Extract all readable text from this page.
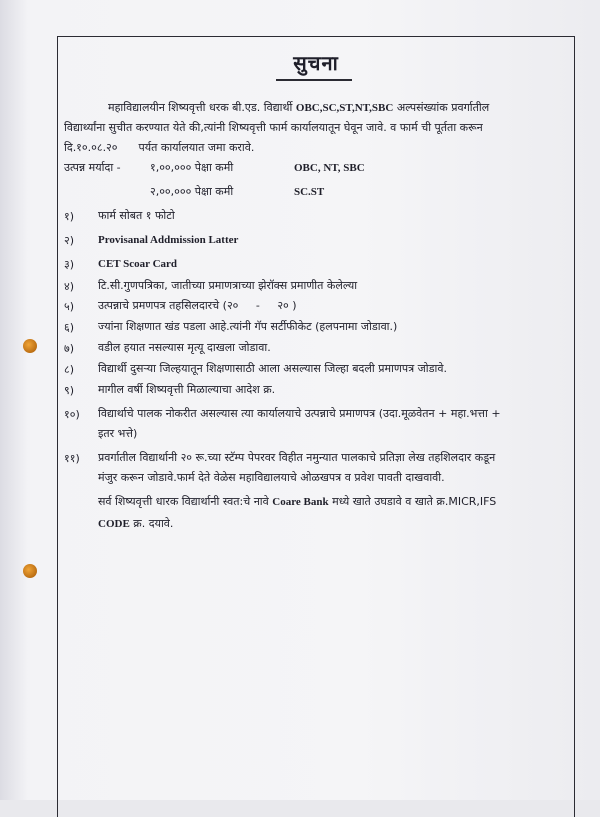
सुचना
महाविद्यालयीन शिष्यवृत्ती धरक बी.एड. विद्यार्थी OBC,SC,ST,NT,SBC अल्पसंख्यांक प्रवर्गातील
विद्यार्थ्यांना सुचीत करण्यात येते की,त्यांनी शिष्यवृत्ती फार्म कार्यालयातून घेवून जावे. व फार्म ची पूर्तता करून
दि.१०.०८.२० पर्यत कार्यालयात जमा करावे.
उत्पन्न मर्यादा -	१,००,००० पेक्षा कमी	OBC, NT, SBC
२,००,००० पेक्षा कमी	SC.ST
१) फार्म सोबत १ फोटो
२) Provisanal Addmission Latter
३) CET Scoar Card
४) टि.सी.गुणपत्रिका, जातीच्या प्रमाणत्राच्या झेरॉक्स प्रमाणीत केलेल्या
५) उत्पन्नाचे प्रमणपत्र तहसिलदारचे (२०     -     २० )
६) ज्यांना शिक्षणात खंड पडला आहे.त्यांनी गॅप सर्टीफीकेट (हलपनामा जोडावा.)
७) वडील हयात नसल्यास मृत्यू दाखला जोडावा.
८) विद्यार्थी दुसऱ्या जिल्हयातून शिक्षणासाठी आला असल्यास जिल्हा बदली प्रमाणपत्र जोडावे.
९) मागील वर्षी शिष्यवृत्ती मिळाल्याचा आदेश क्र.
१०) विद्यार्थाचे पालक नोकरीत असल्यास त्या कार्यालयाचे उत्पन्नाचे प्रमाणपत्र (उदा.मूळवेतन + महा.भत्ता +
इतर भत्ते)
११) प्रवर्गातील विद्यार्थानी २० रू.च्या स्टॅम्प पेपरवर विहीत नमुन्यात पालकाचे प्रतिज्ञा लेख तहशिलदार कडून
मंजुर करून जोडावे.फार्म देते वेळेस महाविद्यालयाचे ओळखपत्र व प्रवेश पावती दाखवावी.
सर्व शिष्यवृत्ती धारक विद्यार्थानी स्वत:चे नावे Coare Bank मध्ये खाते उघडावे व खाते क्र.MICR,IFS
CODE क्र. दयावे.
